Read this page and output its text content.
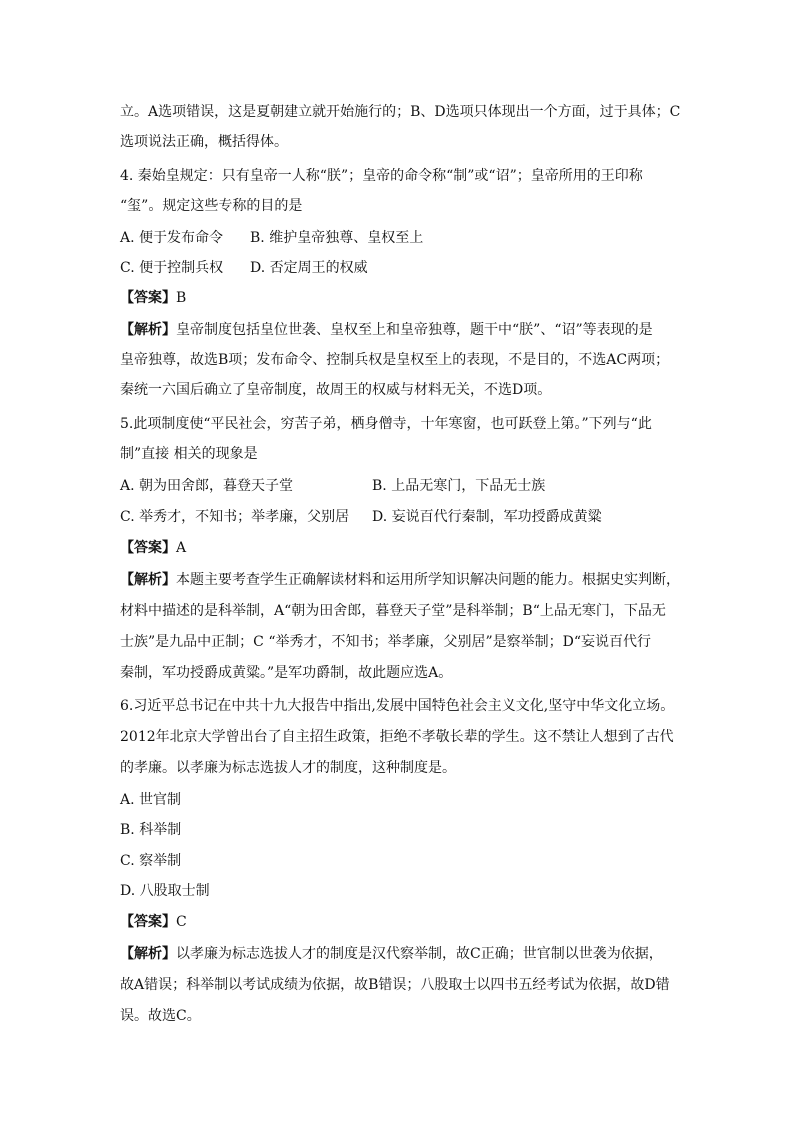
立。A选项错误，这是夏朝建立就开始施行的；B、D选项只体现出一个方面，过于具体；C
选项说法正确，概括得体。
4. 秦始皇规定：只有皇帝一人称“朕”；皇帝的命令称“制”或“诏”；皇帝所用的王印称
“玺”。规定这些专称的目的是
A. 便于发布命令 B. 维护皇帝独尊、皇权至上
C. 便于控制兵权 D. 否定周王的权威
【答案】B
【解析】皇帝制度包括皇位世袭、皇权至上和皇帝独尊，题干中“朕”、“诏”等表现的是
皇帝独尊，故选B项；发布命令、控制兵权是皇权至上的表现，不是目的，不选AC两项；
秦统一六国后确立了皇帝制度，故周王的权威与材料无关，不选D项。
5.此项制度使“平民社会，穷苦子弟，栖身僧寺，十年寒窗，也可跃登上第。”下列与“此
制”直接 相关的现象是
A. 朝为田舍郎，暮登天子堂	B. 上品无寒门，下品无士族
C. 举秀才，不知书；举孝廉，父别居 D. 妄说百代行秦制，军功授爵成黄粱
【答案】A
【解析】本题主要考查学生正确解读材料和运用所学知识解决问题的能力。根据史实判断，
材料中描述的是科举制，A“朝为田舍郎，暮登天子堂”是科举制；B“上品无寒门，下品无
士族”是九品中正制；C “举秀才，不知书；举孝廉，父别居”是察举制；D“妄说百代行
秦制，军功授爵成黄粱。”是军功爵制，故此题应选A。
6.习近平总书记在中共十九大报告中指出,发展中国特色社会主义文化,坚守中华文化立场。
2012年北京大学曾出台了自主招生政策，拒绝不孝敬长辈的学生。这不禁让人想到了古代
的孝廉。以孝廉为标志选拔人才的制度，这种制度是。
A. 世官制
B. 科举制
C. 察举制
D. 八股取士制
【答案】C
【解析】以孝廉为标志选拔人才的制度是汉代察举制，故C正确；世官制以世袭为依据，
故A错误；科举制以考试成绩为依据，故B错误；八股取士以四书五经考试为依据，故D错
误。故选C。
